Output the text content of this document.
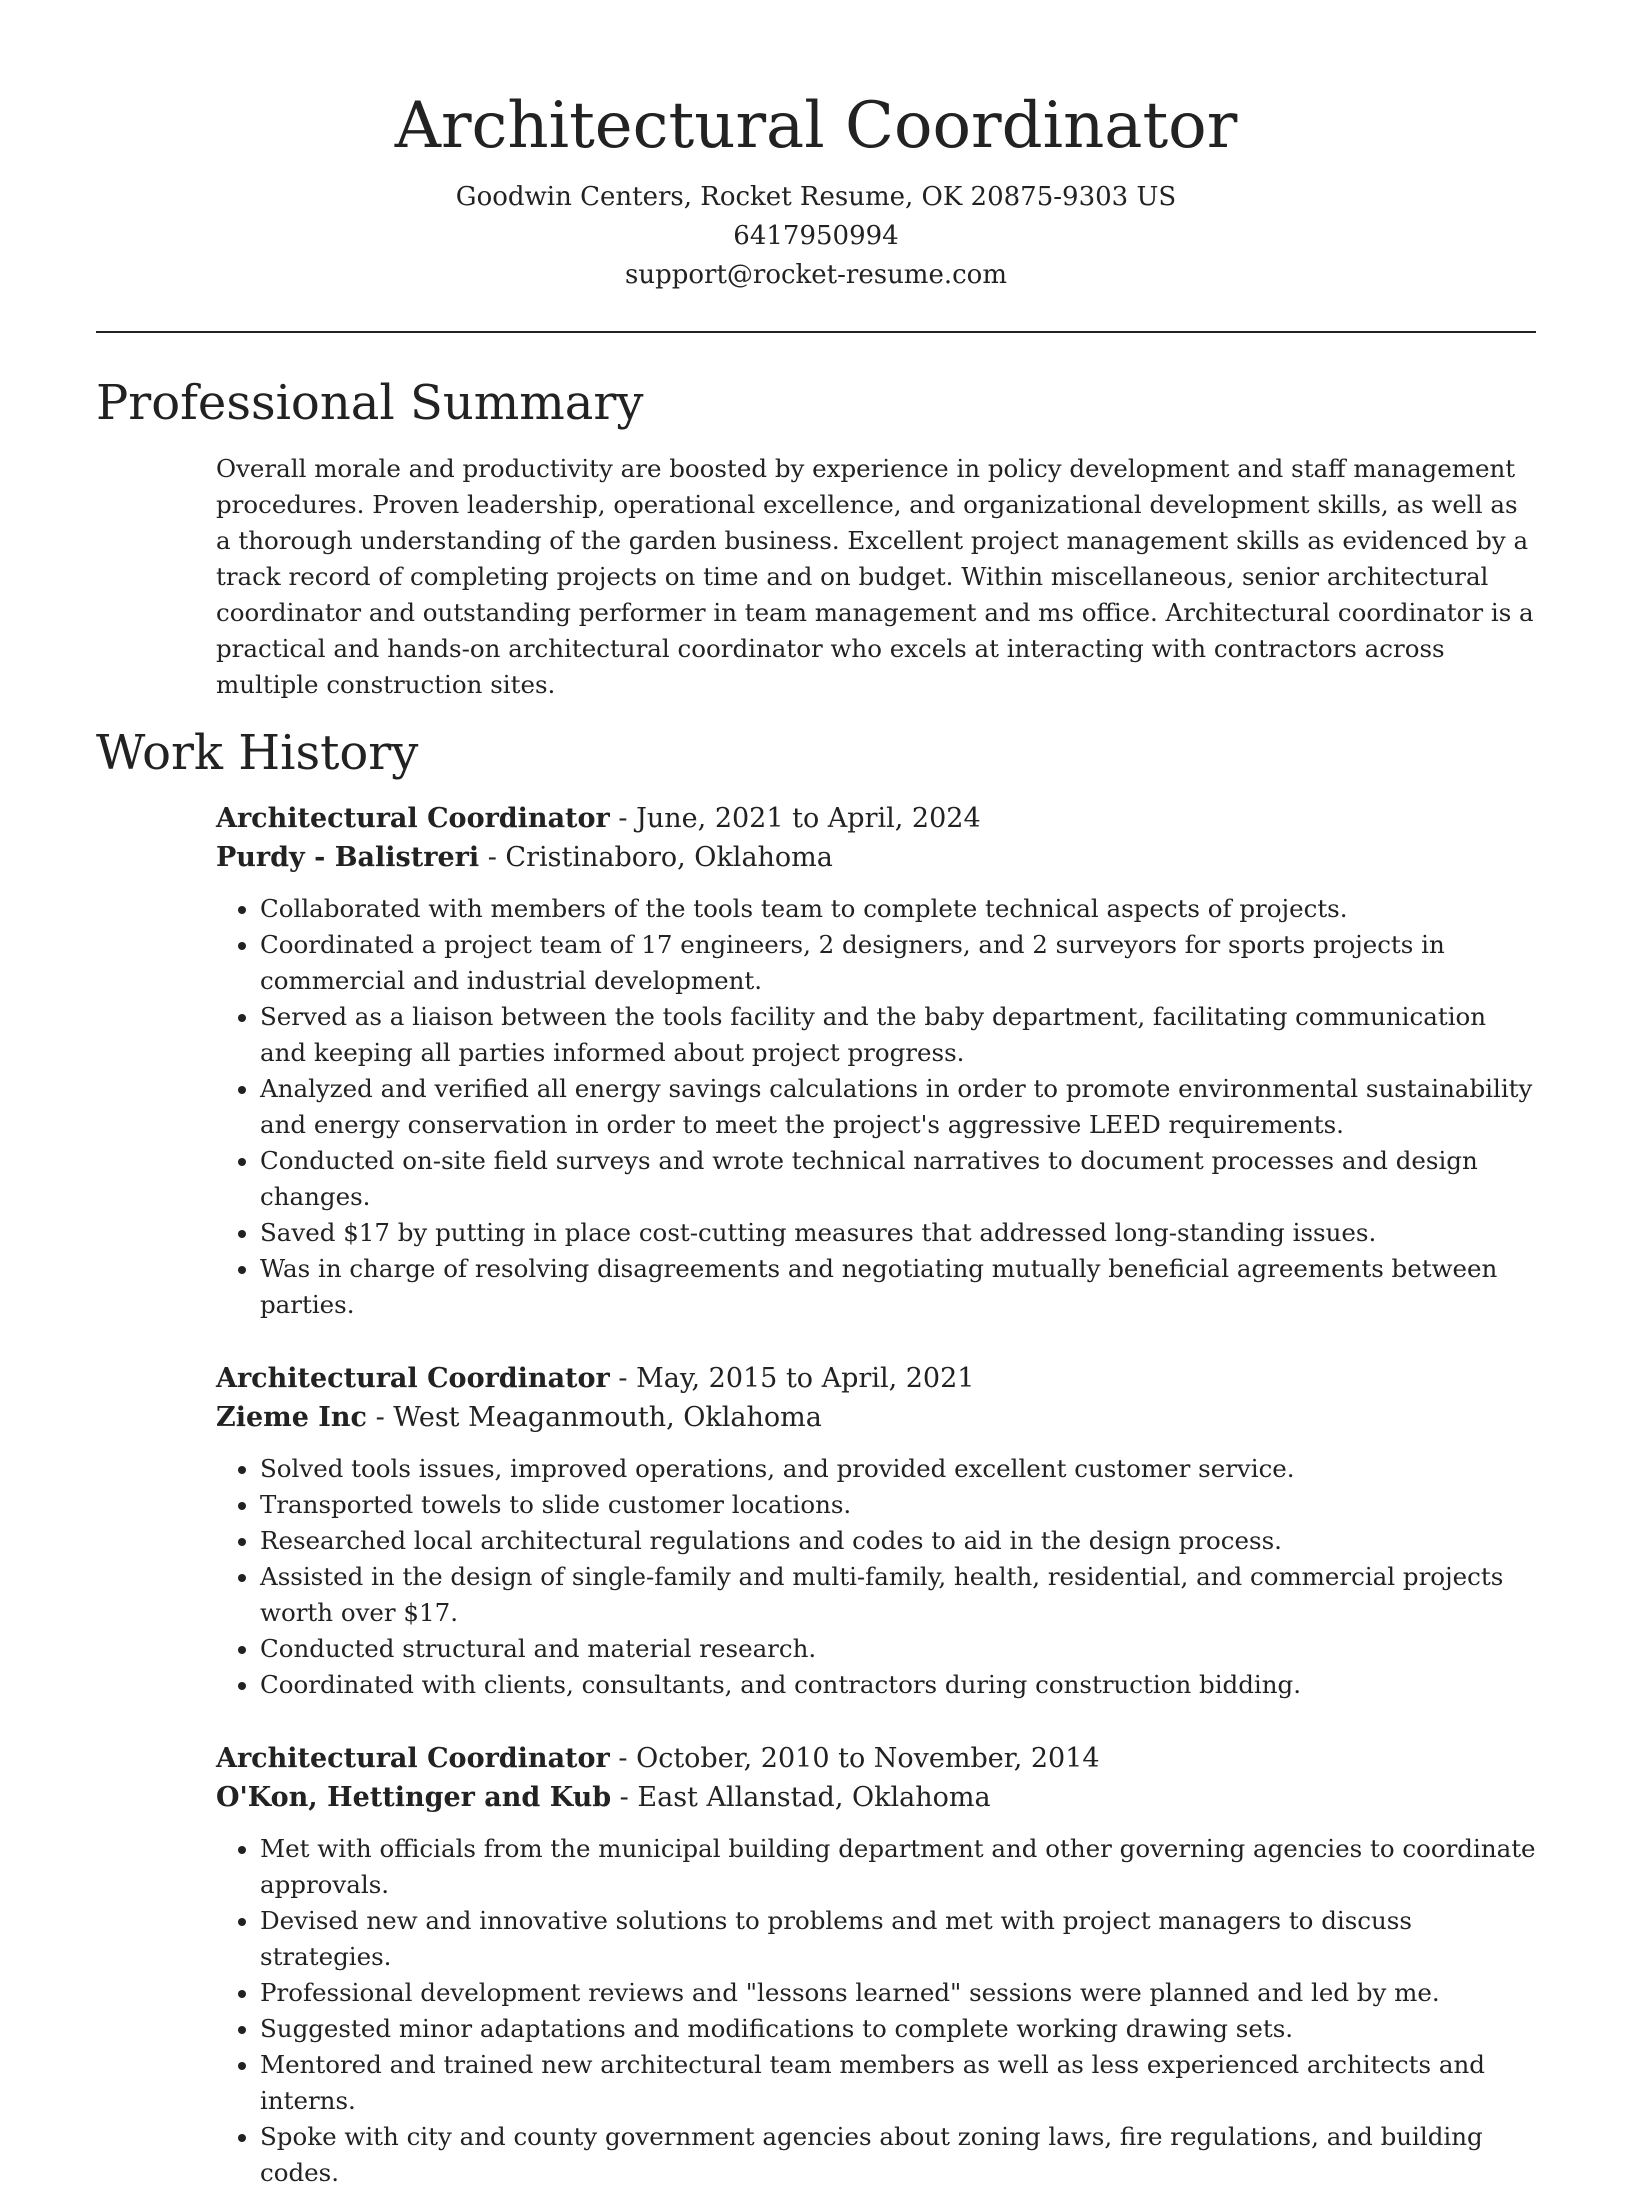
Architectural Coordinator
Goodwin Centers, Rocket Resume, OK 20875-9303 US
6417950994
support@rocket-resume.com
Professional Summary
Overall morale and productivity are boosted by experience in policy development and staff management procedures. Proven leadership, operational excellence, and organizational development skills, as well as a thorough understanding of the garden business. Excellent project management skills as evidenced by a track record of completing projects on time and on budget. Within miscellaneous, senior architectural coordinator and outstanding performer in team management and ms office. Architectural coordinator is a practical and hands-on architectural coordinator who excels at interacting with contractors across multiple construction sites.
Work History
Architectural Coordinator - June, 2021 to April, 2024
Purdy - Balistreri - Cristinaboro, Oklahoma
• Collaborated with members of the tools team to complete technical aspects of projects.
• Coordinated a project team of 17 engineers, 2 designers, and 2 surveyors for sports projects in commercial and industrial development.
• Served as a liaison between the tools facility and the baby department, facilitating communication and keeping all parties informed about project progress.
• Analyzed and verified all energy savings calculations in order to promote environmental sustainability and energy conservation in order to meet the project's aggressive LEED requirements.
• Conducted on-site field surveys and wrote technical narratives to document processes and design changes.
• Saved $17 by putting in place cost-cutting measures that addressed long-standing issues.
• Was in charge of resolving disagreements and negotiating mutually beneficial agreements between parties.
Architectural Coordinator - May, 2015 to April, 2021
Zieme Inc - West Meaganmouth, Oklahoma
• Solved tools issues, improved operations, and provided excellent customer service.
• Transported towels to slide customer locations.
• Researched local architectural regulations and codes to aid in the design process.
• Assisted in the design of single-family and multi-family, health, residential, and commercial projects worth over $17.
• Conducted structural and material research.
• Coordinated with clients, consultants, and contractors during construction bidding.
Architectural Coordinator - October, 2010 to November, 2014
O'Kon, Hettinger and Kub - East Allanstad, Oklahoma
• Met with officials from the municipal building department and other governing agencies to coordinate approvals.
• Devised new and innovative solutions to problems and met with project managers to discuss strategies.
• Professional development reviews and "lessons learned" sessions were planned and led by me.
• Suggested minor adaptations and modifications to complete working drawing sets.
• Mentored and trained new architectural team members as well as less experienced architects and interns.
• Spoke with city and county government agencies about zoning laws, fire regulations, and building codes.
